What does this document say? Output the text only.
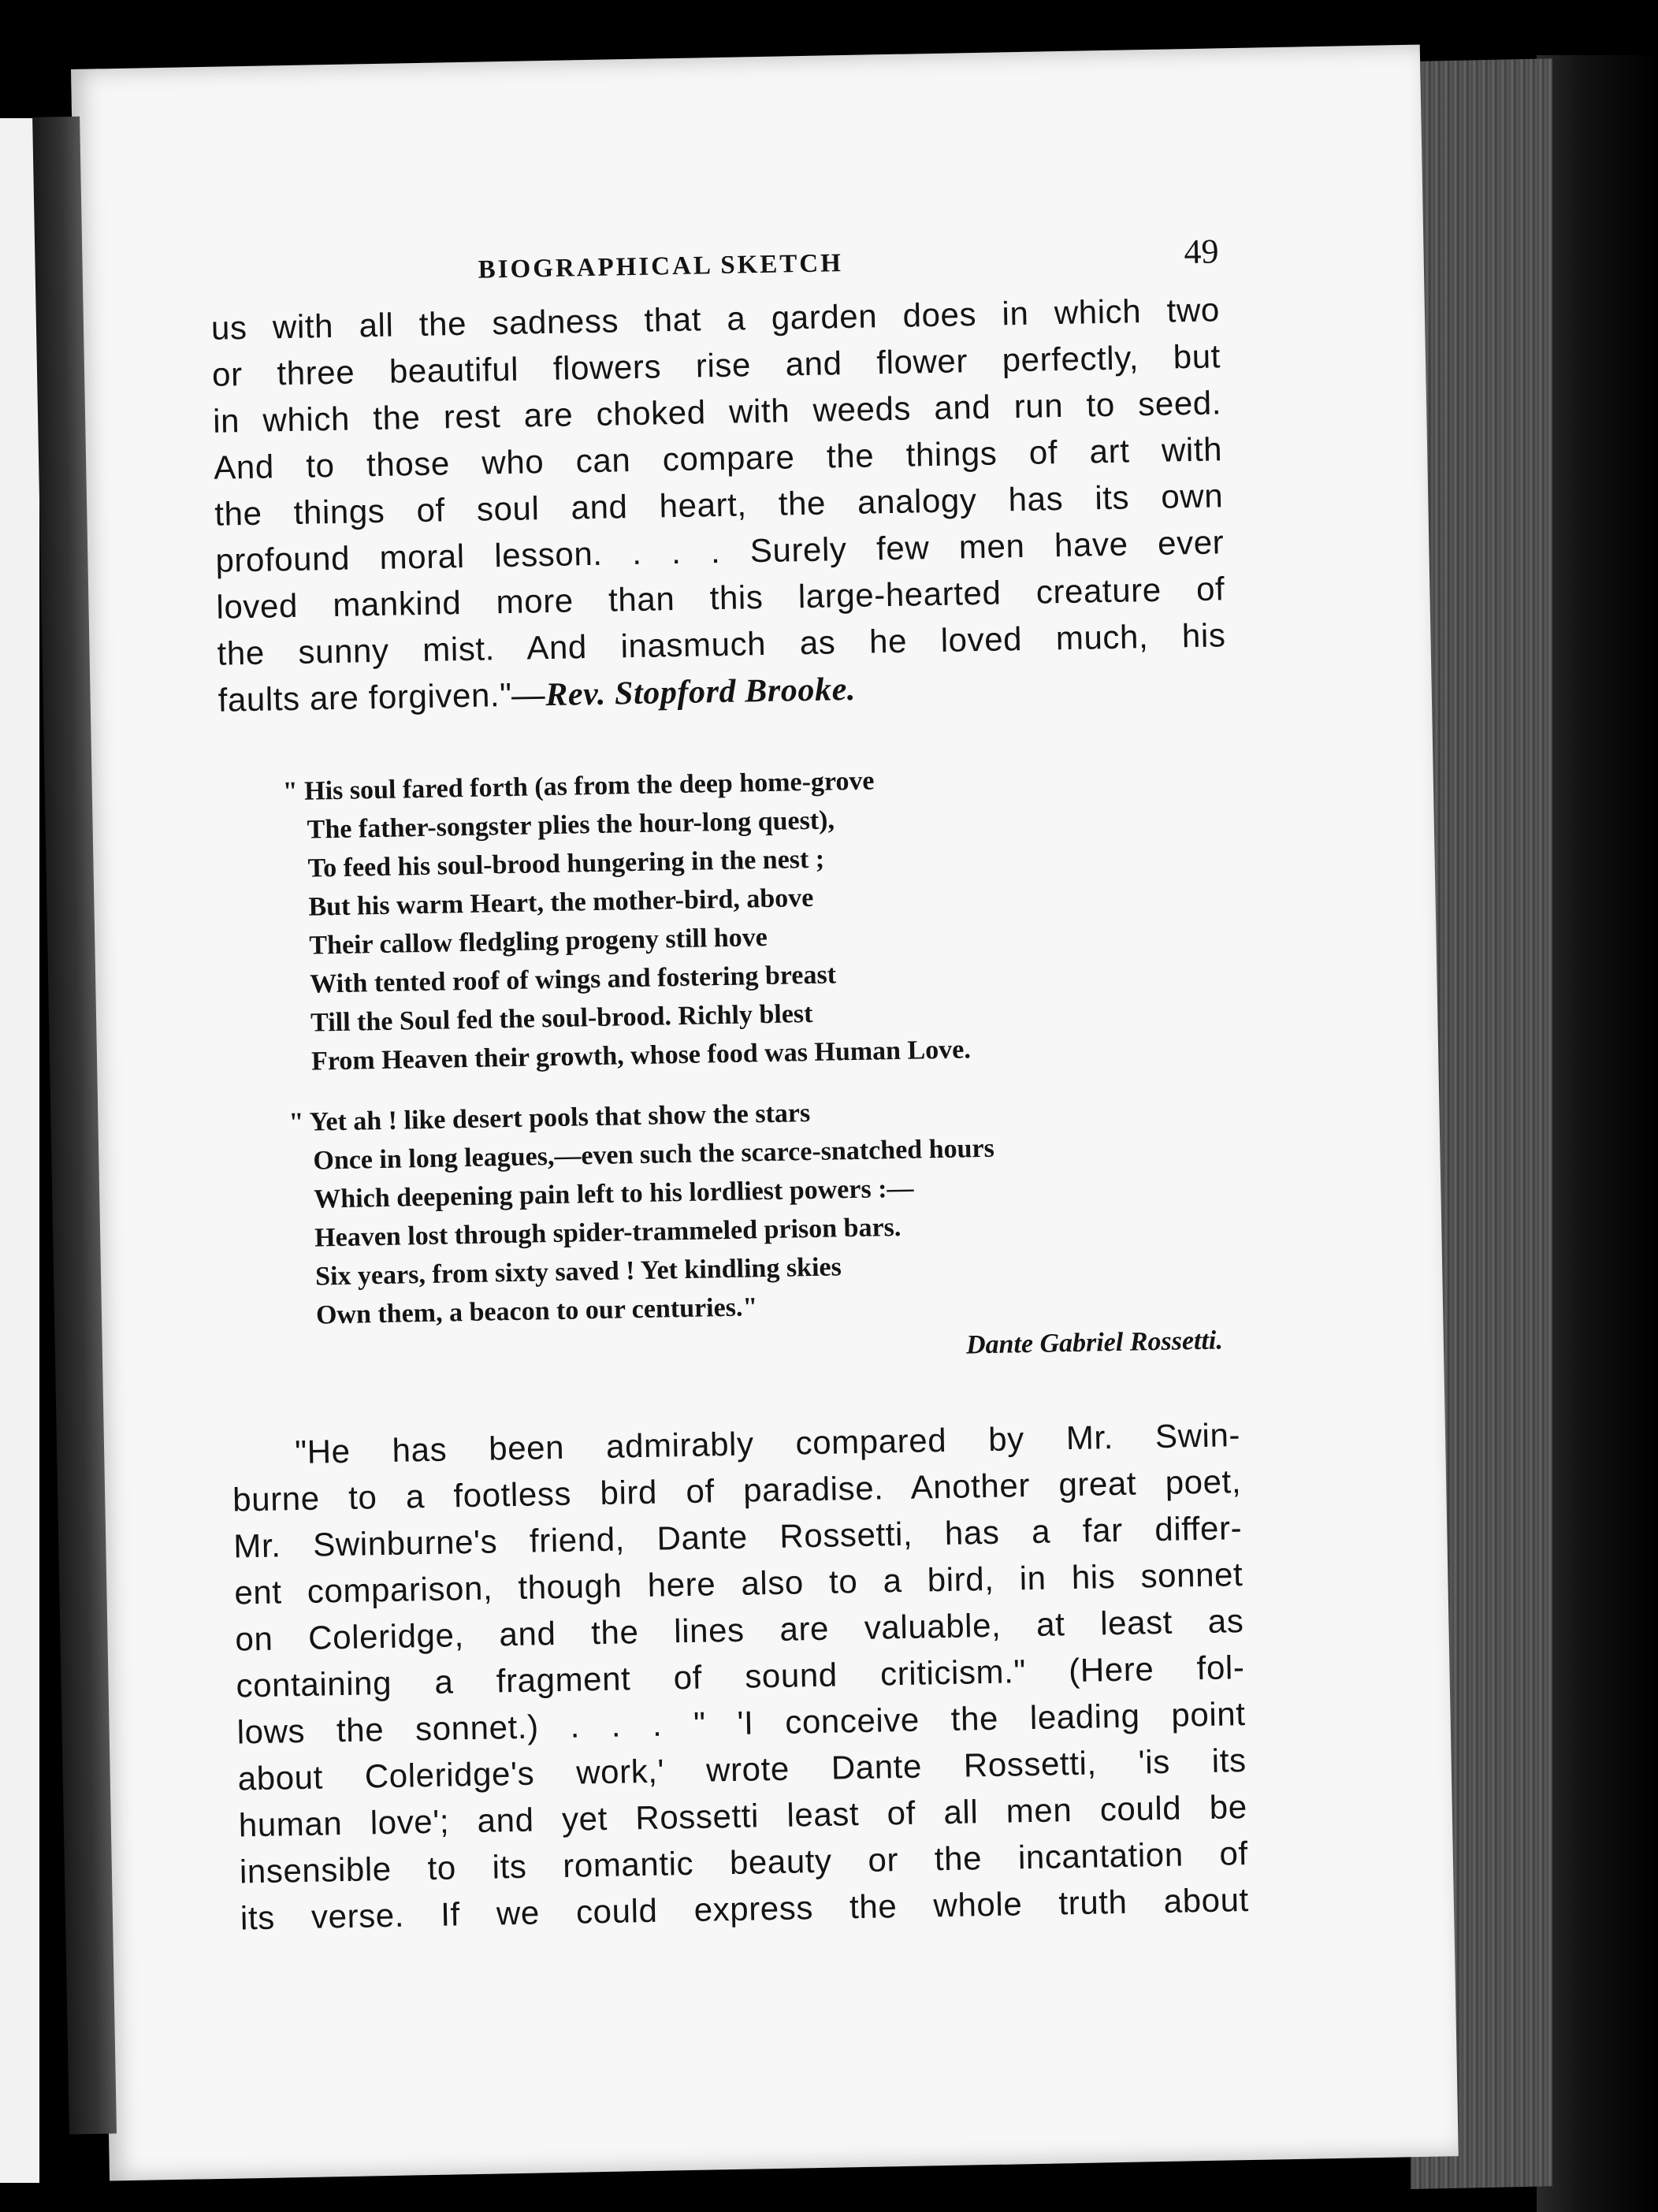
BIOGRAPHICAL SKETCH	49

us with all the sadness that a garden does in which two
or three beautiful flowers rise and flower perfectly, but
in which the rest are choked with weeds and run to seed.
And to those who can compare the things of art with
the things of soul and heart, the analogy has its own
profound moral lesson. . . . Surely few men have ever
loved mankind more than this large-hearted creature of
the sunny mist. And inasmuch as he loved much, his
faults are forgiven."—Rev. Stopford Brooke.

" His soul fared forth (as from the deep home-grove
The father-songster plies the hour-long quest),
To feed his soul-brood hungering in the nest ;
But his warm Heart, the mother-bird, above
Their callow fledgling progeny still hove
With tented roof of wings and fostering breast
Till the Soul fed the soul-brood. Richly blest
From Heaven their growth, whose food was Human Love.
" Yet ah ! like desert pools that show the stars
Once in long leagues,—even such the scarce-snatched hours
Which deepening pain left to his lordliest powers :—
Heaven lost through spider-trammeled prison bars.
Six years, from sixty saved ! Yet kindling skies
Own them, a beacon to our centuries."
Dante Gabriel Rossetti.

"He has been admirably compared by Mr. Swin-
burne to a footless bird of paradise. Another great poet,
Mr. Swinburne's friend, Dante Rossetti, has a far differ-
ent comparison, though here also to a bird, in his sonnet
on Coleridge, and the lines are valuable, at least as
containing a fragment of sound criticism." (Here fol-
lows the sonnet.) . . . " 'I conceive the leading point
about Coleridge's work,' wrote Dante Rossetti, 'is its
human love'; and yet Rossetti least of all men could be
insensible to its romantic beauty or the incantation of
its verse. If we could express the whole truth about
